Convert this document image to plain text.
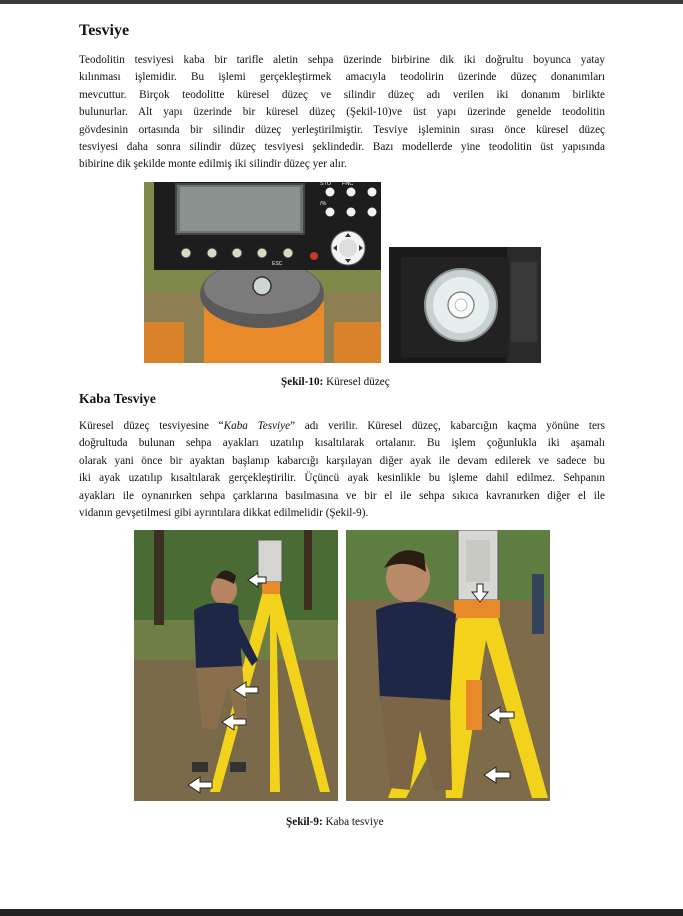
Tesviye
Teodolitin tesviyesi kaba bir tarifle aletin sehpa üzerinde birbirine dik iki doğrultu boyunca yatay
kılınması işlemidir. Bu işlemi gerçekleştirmek amacıyla teodolirin üzerinde düzeç donanımları
mevcuttur. Birçok teodolitte küresel düzeç ve silindir düzeç adı verilen iki donanım birlikte
bulunurlar. Alt yapı üzerinde bir küresel düzeç (Şekil-10)ve üst yapı üzerinde genelde teodolitin
gövdesinin ortasında bir silindir düzeç yerleştirilmiştir. Tesviye işleminin sırası önce küresel düzeç
tesviyesi daha sonra silindir düzeç tesviyesi şeklindedir. Bazı modellerde yine teodolitin üst yapısında
bibirine dik şekilde monte edilmiş iki silindir düzeç yer alır.
STO FNC
/%
ESC
Şekil-10: Küresel düzeç
Kaba Tesviye
Küresel düzeç tesviyesine “Kaba Tesviye” adı verilir. Küresel düzeç, kabarcığın kaçma yönüne ters
doğrultuda bulunan sehpa ayakları uzatılıp kısaltılarak ortalanır. Bu işlem çoğunlukla iki aşamalı
olarak yani önce bir ayaktan başlanıp kabarcığı karşılayan diğer ayak ile devam edilerek ve sadece bu
iki ayak uzatılıp kısaltılarak gerçekleştirilir. Üçüncü ayak kesinlikle bu işleme dahil edilmez. Sehpanın
ayakları ile oynanırken sehpa çarklarına basılmasına ve bir el ile sehpa sıkıca kavranırken diğer el ile
vidanın gevşetilmesi gibi ayrıntılara dikkat edilmelidir (Şekil-9).
Şekil-9: Kaba tesviye
